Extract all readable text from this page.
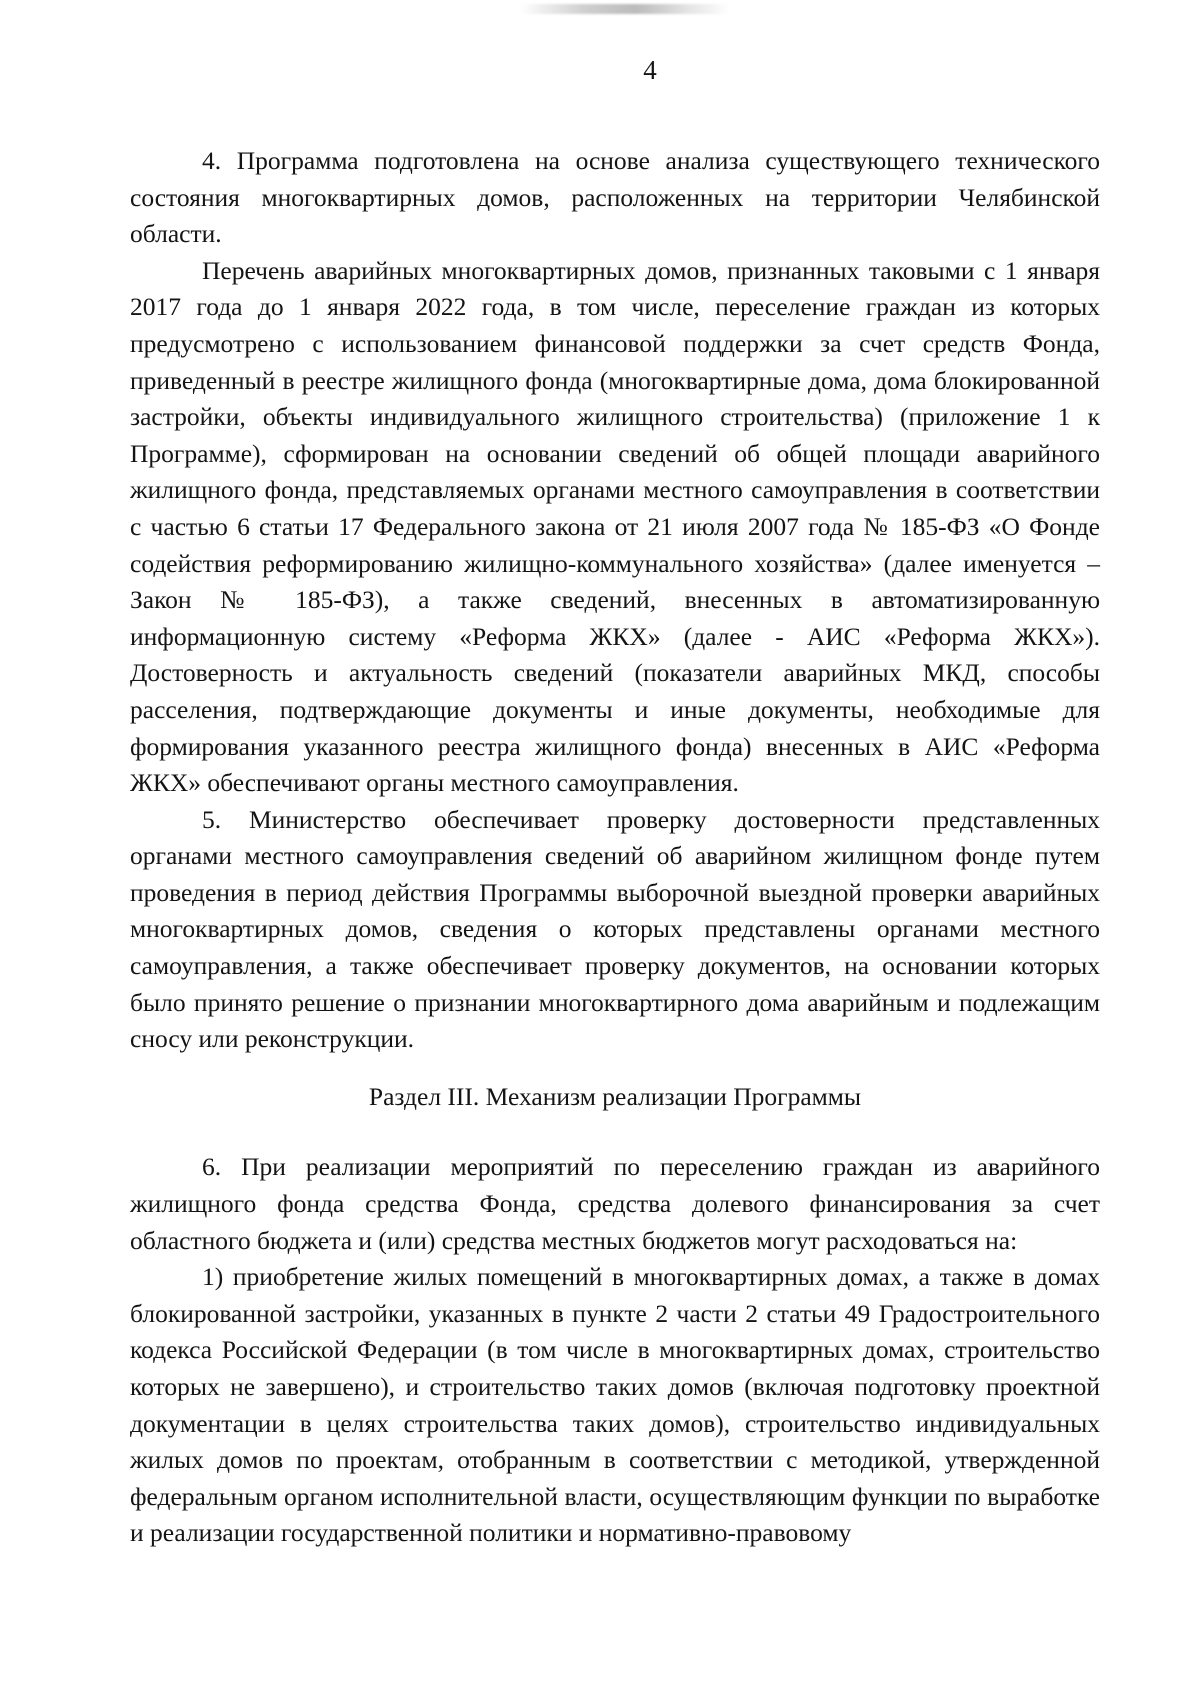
4

4. Программа подготовлена на основе анализа существующего технического состояния многоквартирных домов, расположенных на территории Челябинской области.

Перечень аварийных многоквартирных домов, признанных таковыми с 1 января 2017 года до 1 января 2022 года, в том числе, переселение граждан из которых предусмотрено с использованием финансовой поддержки за счет средств Фонда, приведенный в реестре жилищного фонда (многоквартирные дома, дома блокированной застройки, объекты индивидуального жилищного строительства) (приложение 1 к Программе), сформирован на основании сведений об общей площади аварийного жилищного фонда, представляемых органами местного самоуправления в соответствии с частью 6 статьи 17 Федерального закона от 21 июля 2007 года № 185-ФЗ «О Фонде содействия реформированию жилищно-коммунального хозяйства» (далее именуется – Закон № 185-ФЗ), а также сведений, внесенных в автоматизированную информационную систему «Реформа ЖКХ» (далее - АИС «Реформа ЖКХ»). Достоверность и актуальность сведений (показатели аварийных МКД, способы расселения, подтверждающие документы и иные документы, необходимые для формирования указанного реестра жилищного фонда) внесенных в АИС «Реформа ЖКХ» обеспечивают органы местного самоуправления.

5. Министерство обеспечивает проверку достоверности представленных органами местного самоуправления сведений об аварийном жилищном фонде путем проведения в период действия Программы выборочной выездной проверки аварийных многоквартирных домов, сведения о которых представлены органами местного самоуправления, а также обеспечивает проверку документов, на основании которых было принято решение о признании многоквартирного дома аварийным и подлежащим сносу или реконструкции.

Раздел III. Механизм реализации Программы

6. При реализации мероприятий по переселению граждан из аварийного жилищного фонда средства Фонда, средства долевого финансирования за счет областного бюджета и (или) средства местных бюджетов могут расходоваться на:

1) приобретение жилых помещений в многоквартирных домах, а также в домах блокированной застройки, указанных в пункте 2 части 2 статьи 49 Градостроительного кодекса Российской Федерации (в том числе в многоквартирных домах, строительство которых не завершено), и строительство таких домов (включая подготовку проектной документации в целях строительства таких домов), строительство индивидуальных жилых домов по проектам, отобранным в соответствии с методикой, утвержденной федеральным органом исполнительной власти, осуществляющим функции по выработке и реализации государственной политики и нормативно-правовому
